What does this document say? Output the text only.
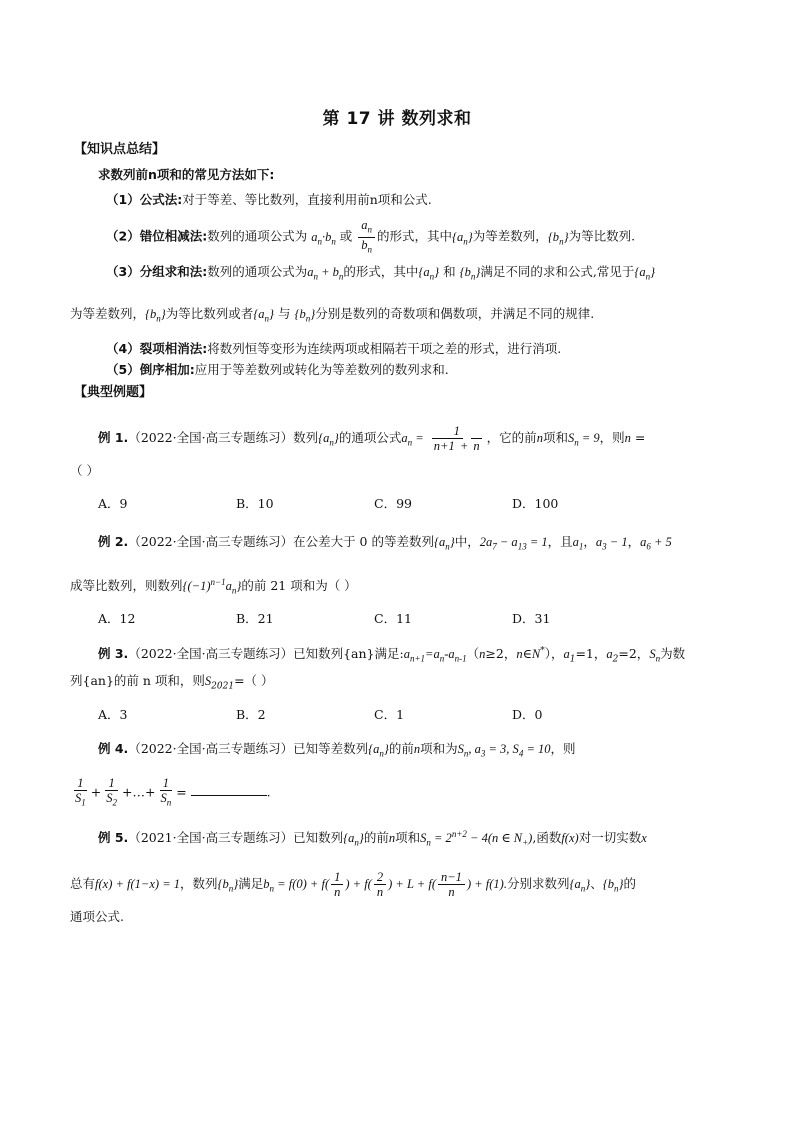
第 17 讲 数列求和
【知识点总结】
求数列前n项和的常见方法如下:
（1）公式法:对于等差、等比数列，直接利用前n项和公式.
（2）错位相减法:数列的通项公式为 $a_n\cdot b_n$ 或 $\frac{a_n}{b_n}$ 的形式，其中$\{a_n\}$为等差数列，$\{b_n\}$为等比数列.
（3）分组求和法:数列的通项公式为$a_n + b_n$的形式，其中$\{a_n\}$ 和 $\{b_n\}$满足不同的求和公式,常见于$\{a_n\}$
为等差数列，$\{b_n\}$为等比数列或者$\{a_n\}$ 与 $\{b_n\}$分别是数列的奇数项和偶数项，并满足不同的规律.
（4）裂项相消法:将数列恒等变形为连续两项或相隔若干项之差的形式，进行消项.
（5）倒序相加:应用于等差数列或转化为等差数列的数列求和.
【典型例题】
例 1.（2022·全国·高三专题练习）数列$\{a_n\}$的通项公式$a_n = \frac{1}{n+1 + n}$ ，它的前n项和$S_n = 9$，则n =
（ ）
A．9	B．10	C．99	D．100
例 2.（2022·全国·高三专题练习）在公差大于 0 的等差数列$\{a_n\}$中，$2a_7 - a_{13} = 1$，且$a_1$，$a_3 - 1$，$a_6 + 5$
成等比数列，则数列$\{(-1)^{n-1}a_n\}$的前 21 项和为（ ）
A．12	B．21	C．11	D．31
例 3.（2022·全国·高三专题练习）已知数列{an}满足$:a_{n+1}=a_n-a_{n-1}(n\ge 2$，n∈N*），$a_1=1$，$a_2=2$，$S_n$为数
列{an}的前 n 项和，则$S_{2021}=$（ ）
A．3	B．2	C．1	D．0
例 4.（2022·全国·高三专题练习）已知等差数列$\{a_n\}$的前n项和为$S_n$, $a_3 = 3$, $S_4 = 10$，则
$\frac{1}{S_1} + \frac{1}{S_2}$ +…+ $\frac{1}{S_n}$ =	.
例 5.（2021·全国·高三专题练习）已知数列$\{a_n\}$的前n项和$S_n = 2^{n+2} - 4(n$ ∈ $N_+$),函数f(x)对一切实数x
总有f(x) + f(1−x) = 1，数列$\{b_n\}$满足$b_n = f(0) + f( \frac{1}{n}$ ) + $f( \frac{2}{n}$ ) + $L + f( \frac{n-1}{n}$ ) + f(1).分别求数列$\{a_n\}$、$\{b_n\}$的
通项公式.
